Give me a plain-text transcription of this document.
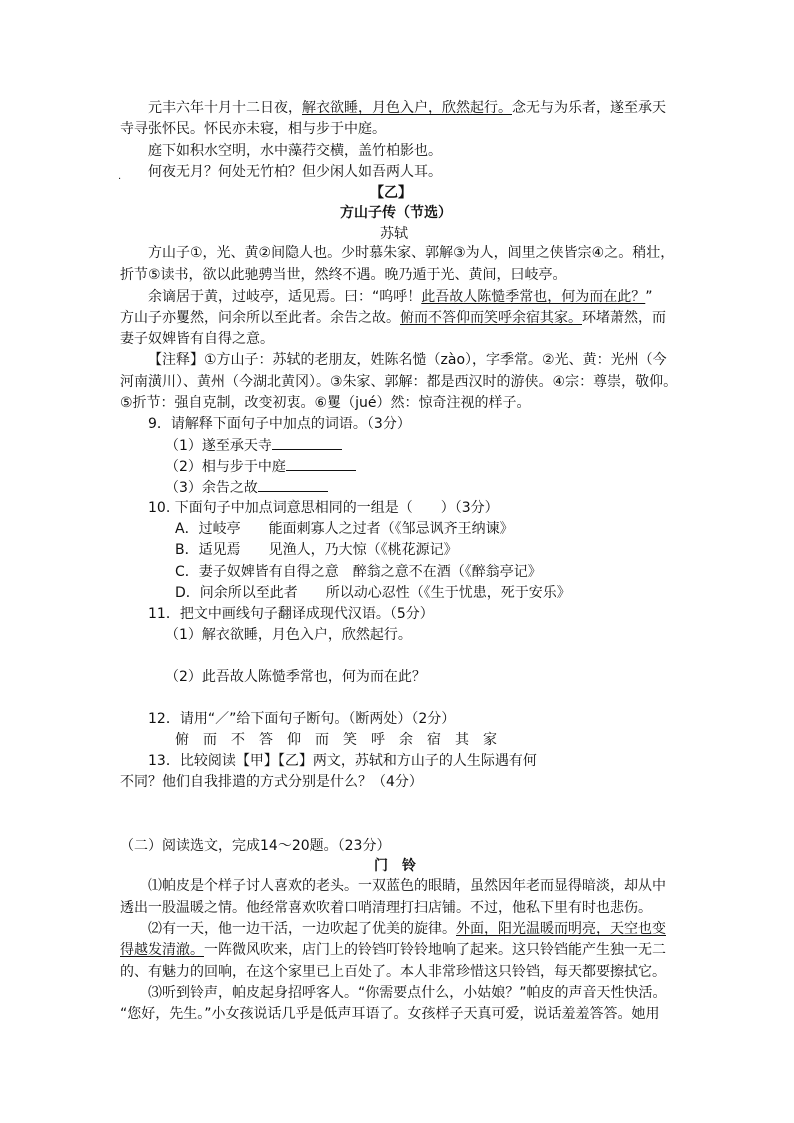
元丰六年十月十二日夜，解衣欲睡，月色入户，欣然起行。念无与为乐者，遂至承天
寺寻张怀民。怀民亦未寝，相与步于中庭。
庭下如积水空明，水中藻荇交横，盖竹柏影也。
. 何夜无月？何处无竹柏？但少闲人如吾两人耳。
【乙】
方山子传（节选）
苏轼
方山子①，光、黄②间隐人也。少时慕朱家、郭解③为人，闾里之侠皆宗④之。稍壮，
折节⑤读书，欲以此驰骋当世，然终不遇。晚乃遁于光、黄间，曰岐亭。
余谪居于黄，过岐亭，适见焉。曰：“呜呼！此吾故人陈慥季常也，何为而在此？”
方山子亦矍然，问余所以至此者。余告之故。俯而不答仰而笑呼余宿其家。环堵萧然，而
妻子奴婢皆有自得之意。
【注释】①方山子：苏轼的老朋友，姓陈名慥（zào），字季常。②光、黄：光州（今
河南潢川）、黄州（今湖北黄冈）。③朱家、郭解：都是西汉时的游侠。④宗：尊崇，敬仰。
⑤折节：强自克制，改变初衷。⑥矍（jué）然：惊奇注视的样子。
9．请解释下面句子中加点的词语。（3分）
（1）遂至承天寺
（2）相与步于中庭
（3）余告之故
10. 下面句子中加点词意思相同的一组是（　　）（3分）
A．过岐亭　　能面刺寡人之过者（《邹忌讽齐王纳谏》
B．适见焉　　见渔人，乃大惊（《桃花源记》
C．妻子奴婢皆有自得之意　醉翁之意不在酒（《醉翁亭记》
D．问余所以至此者　　所以动心忍性（《生于忧患，死于安乐》
11．把文中画线句子翻译成现代汉语。（5分）
（1）解衣欲睡，月色入户，欣然起行。
（2）此吾故人陈慥季常也，何为而在此？
12．请用“／”给下面句子断句。（断两处）（2分）
俯而不答仰而笑呼余宿其家
13．比较阅读【甲】【乙】两文，苏轼和方山子的人生际遇有何
不同？他们自我排遣的方式分别是什么？（4分）
（二）阅读选文，完成14～20题。（23分）
门　铃
⑴帕皮是个样子讨人喜欢的老头。一双蓝色的眼睛，虽然因年老而显得暗淡，却从中
透出一股温暖之情。他经常喜欢吹着口哨清理打扫店铺。不过，他私下里有时也悲伤。
⑵有一天，他一边干活，一边吹起了优美的旋律。外面，阳光温暖而明亮，天空也变
得越发清澈。一阵微风吹来，店门上的铃铛叮铃铃地响了起来。这只铃铛能产生独一无二
的、有魅力的回响，在这个家里已上百处了。本人非常珍惜这只铃铛，每天都要擦拭它。
⑶听到铃声，帕皮起身招呼客人。“你需要点什么，小姑娘？”帕皮的声音天性快活。
“您好，先生。”小女孩说话几乎是低声耳语了。女孩样子天真可爱，说话羞羞答答。她用
